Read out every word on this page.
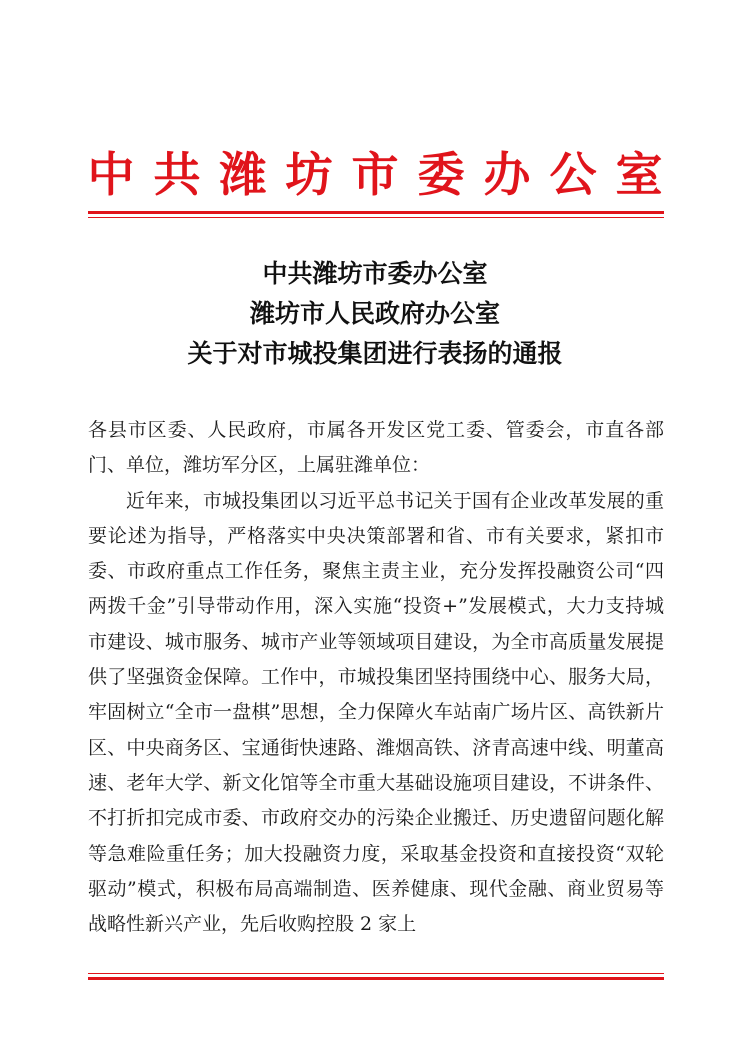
中共潍坊市委办公室
中共潍坊市委办公室
潍坊市人民政府办公室
关于对市城投集团进行表扬的通报

各县市区委、人民政府，市属各开发区党工委、管委会，市直各部门、单位，潍坊军分区，上属驻潍单位：

近年来，市城投集团以习近平总书记关于国有企业改革发展的重要论述为指导，严格落实中央决策部署和省、市有关要求，紧扣市委、市政府重点工作任务，聚焦主责主业，充分发挥投融资公司“四两拨千金”引导带动作用，深入实施“投资+”发展模式，大力支持城市建设、城市服务、城市产业等领域项目建设，为全市高质量发展提供了坚强资金保障。工作中，市城投集团坚持围绕中心、服务大局，牢固树立“全市一盘棋”思想，全力保障火车站南广场片区、高铁新片区、中央商务区、宝通街快速路、潍烟高铁、济青高速中线、明董高速、老年大学、新文化馆等全市重大基础设施项目建设，不讲条件、不打折扣完成市委、市政府交办的污染企业搬迁、历史遗留问题化解等急难险重任务；加大投融资力度，采取基金投资和直接投资“双轮驱动”模式，积极布局高端制造、医养健康、现代金融、商业贸易等战略性新兴产业，先后收购控股 2 家上
